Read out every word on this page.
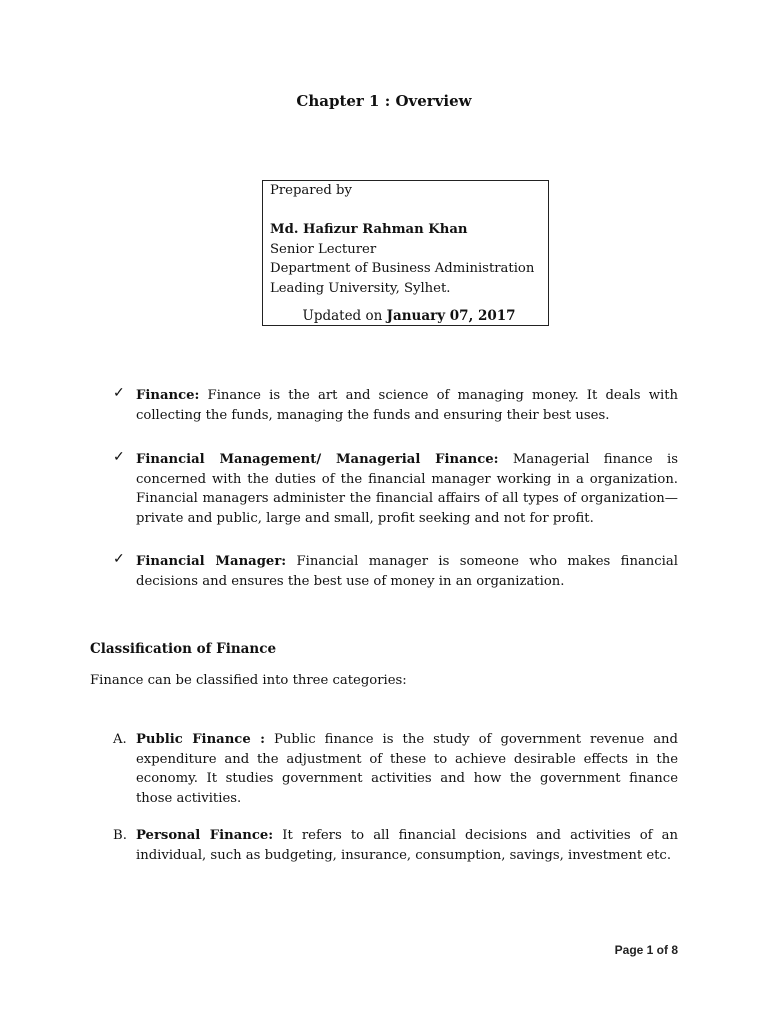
Chapter 1 : Overview
Prepared by
Md. Hafizur Rahman Khan
Senior Lecturer
Department of Business Administration
Leading University, Sylhet.
Updated on January 07, 2017
✓ Finance: Finance is the art and science of managing money. It deals with collecting the funds, managing the funds and ensuring their best uses.
✓ Financial Management/ Managerial Finance: Managerial finance is concerned with the duties of the financial manager working in a organization. Financial managers administer the financial affairs of all types of organization—private and public, large and small, profit seeking and not for profit.
✓ Financial Manager: Financial manager is someone who makes financial decisions and ensures the best use of money in an organization.
Classification of Finance
Finance can be classified into three categories:
A. Public Finance : Public finance is the study of government revenue and expenditure and the adjustment of these to achieve desirable effects in the economy. It studies government activities and how the government finance those activities.
B. Personal Finance: It refers to all financial decisions and activities of an individual, such as budgeting, insurance, consumption, savings, investment etc.
Page 1 of 8
